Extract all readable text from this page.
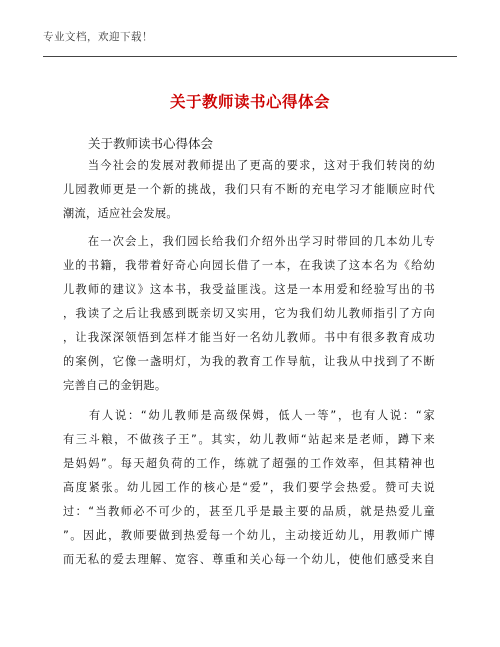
专业文档，欢迎下载！
关于教师读书心得体会
关于教师读书心得体会
　　当今社会的发展对教师提出了更高的要求，这对于我们转岗的幼
儿园教师更是一个新的挑战，我们只有不断的充电学习才能顺应时代
潮流，适应社会发展。
　　在一次会上，我们园长给我们介绍外出学习时带回的几本幼儿专
业的书籍，我带着好奇心向园长借了一本，在我读了这本名为《给幼
儿教师的建议》这本书，我受益匪浅。这是一本用爱和经验写出的书
，我读了之后让我感到既亲切又实用，它为我们幼儿教师指引了方向
，让我深深领悟到怎样才能当好一名幼儿教师。书中有很多教育成功
的案例，它像一盏明灯，为我的教育工作导航，让我从中找到了不断
完善自己的金钥匙。
　　有人说：“幼儿教师是高级保姆，低人一等”，也有人说：“家
有三斗粮，不做孩子王”。其实，幼儿教师“站起来是老师，蹲下来
是妈妈”。每天超负荷的工作，练就了超强的工作效率，但其精神也
高度紧张。幼儿园工作的核心是“爱”，我们要学会热爱。赞可夫说
过：“当教师必不可少的，甚至几乎是最主要的品质，就是热爱儿童
”。因此，教师要做到热爱每一个幼儿，主动接近幼儿，用教师广博
而无私的爱去理解、宽容、尊重和关心每一个幼儿，使他们感受来自
